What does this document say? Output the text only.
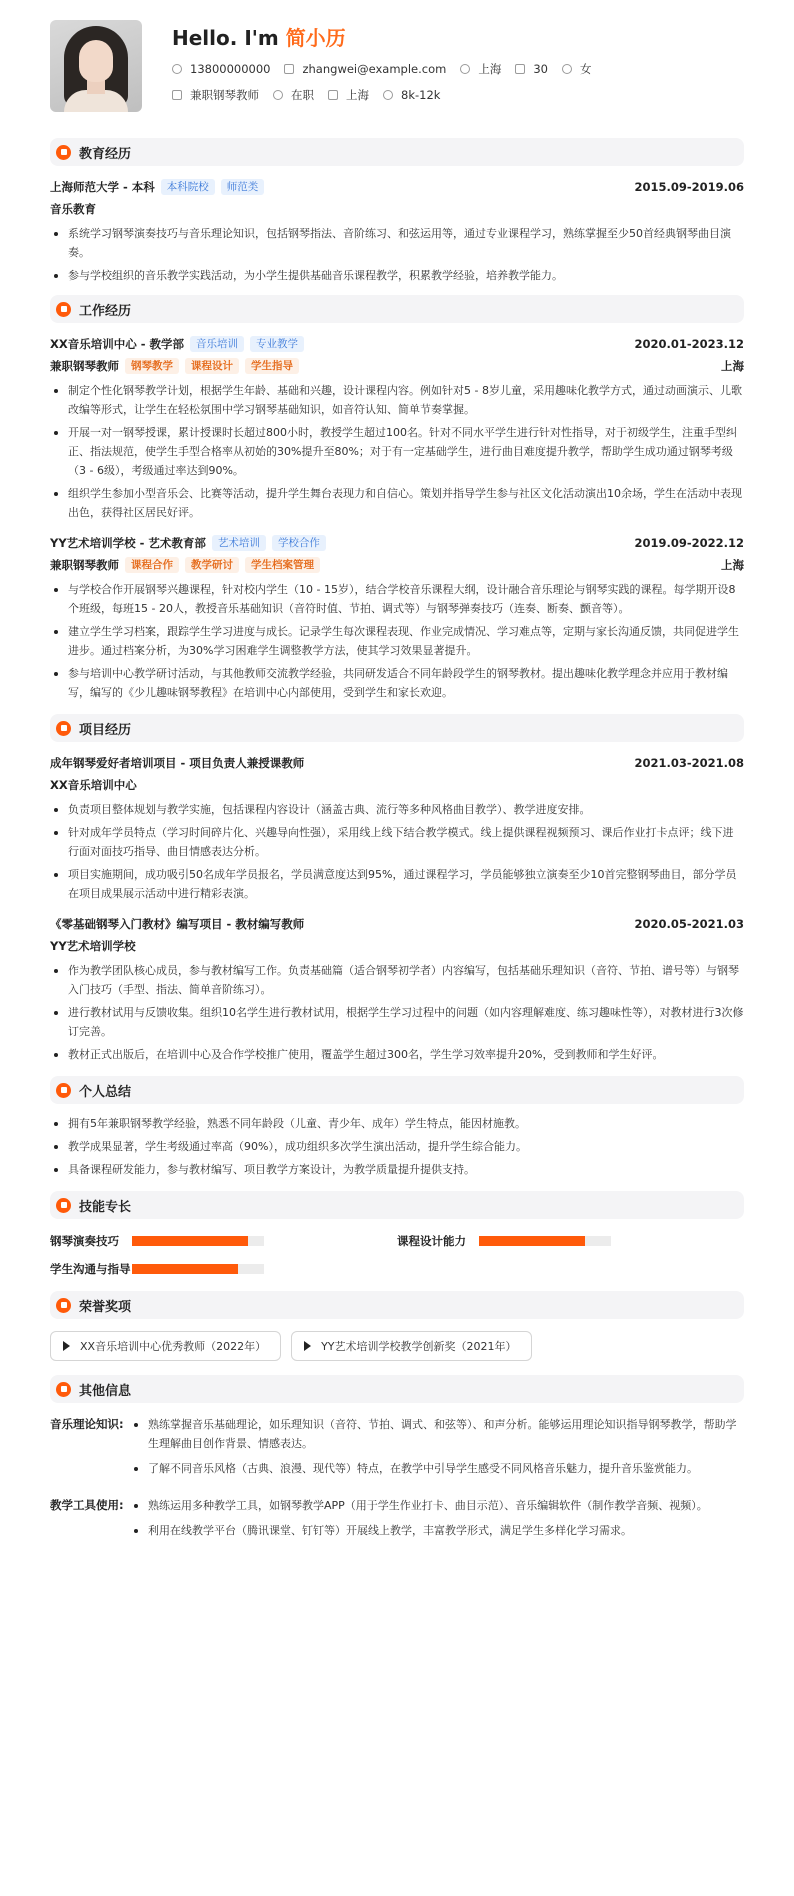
Hello. I'm 简小历
13800000000	zhangwei@example.com	上海	30	女
兼职钢琴教师	在职	上海	8k-12k
教育经历
上海师范大学 - 本科	本科院校	师范类	2015.09-2019.06
音乐教育
系统学习钢琴演奏技巧与音乐理论知识，包括钢琴指法、音阶练习、和弦运用等，通过专业课程学习，熟练掌握至少50首经典钢琴曲目演奏。
参与学校组织的音乐教学实践活动，为小学生提供基础音乐课程教学，积累教学经验，培养教学能力。
工作经历
XX音乐培训中心 - 教学部	音乐培训	专业教学	2020.01-2023.12
兼职钢琴教师	钢琴教学	课程设计	学生指导	上海
制定个性化钢琴教学计划，根据学生年龄、基础和兴趣，设计课程内容。例如针对5 - 8岁儿童，采用趣味化教学方式，通过动画演示、儿歌改编等形式，让学生在轻松氛围中学习钢琴基础知识，如音符认知、简单节奏掌握。
开展一对一钢琴授课，累计授课时长超过800小时，教授学生超过100名。针对不同水平学生进行针对性指导，对于初级学生，注重手型纠正、指法规范，使学生手型合格率从初始的30%提升至80%；对于有一定基础学生，进行曲目难度提升教学，帮助学生成功通过钢琴考级（3 - 6级），考级通过率达到90%。
组织学生参加小型音乐会、比赛等活动，提升学生舞台表现力和自信心。策划并指导学生参与社区文化活动演出10余场，学生在活动中表现出色，获得社区居民好评。
YY艺术培训学校 - 艺术教育部	艺术培训	学校合作	2019.09-2022.12
兼职钢琴教师	课程合作	教学研讨	学生档案管理	上海
与学校合作开展钢琴兴趣课程，针对校内学生（10 - 15岁），结合学校音乐课程大纲，设计融合音乐理论与钢琴实践的课程。每学期开设8个班级，每班15 - 20人，教授音乐基础知识（音符时值、节拍、调式等）与钢琴弹奏技巧（连奏、断奏、颤音等）。
建立学生学习档案，跟踪学生学习进度与成长。记录学生每次课程表现、作业完成情况、学习难点等，定期与家长沟通反馈，共同促进学生进步。通过档案分析，为30%学习困难学生调整教学方法，使其学习效果显著提升。
参与培训中心教学研讨活动，与其他教师交流教学经验，共同研发适合不同年龄段学生的钢琴教材。提出趣味化教学理念并应用于教材编写，编写的《少儿趣味钢琴教程》在培训中心内部使用，受到学生和家长欢迎。
项目经历
成年钢琴爱好者培训项目 - 项目负责人兼授课教师	2021.03-2021.08
XX音乐培训中心
负责项目整体规划与教学实施，包括课程内容设计（涵盖古典、流行等多种风格曲目教学）、教学进度安排。
针对成年学员特点（学习时间碎片化、兴趣导向性强），采用线上线下结合教学模式。线上提供课程视频预习、课后作业打卡点评；线下进行面对面技巧指导、曲目情感表达分析。
项目实施期间，成功吸引50名成年学员报名，学员满意度达到95%，通过课程学习，学员能够独立演奏至少10首完整钢琴曲目，部分学员在项目成果展示活动中进行精彩表演。
《零基础钢琴入门教材》编写项目 - 教材编写教师	2020.05-2021.03
YY艺术培训学校
作为教学团队核心成员，参与教材编写工作。负责基础篇（适合钢琴初学者）内容编写，包括基础乐理知识（音符、节拍、谱号等）与钢琴入门技巧（手型、指法、简单音阶练习）。
进行教材试用与反馈收集。组织10名学生进行教材试用，根据学生学习过程中的问题（如内容理解难度、练习趣味性等），对教材进行3次修订完善。
教材正式出版后，在培训中心及合作学校推广使用，覆盖学生超过300名，学生学习效率提升20%，受到教师和学生好评。
个人总结
拥有5年兼职钢琴教学经验，熟悉不同年龄段（儿童、青少年、成年）学生特点，能因材施教。
教学成果显著，学生考级通过率高（90%），成功组织多次学生演出活动，提升学生综合能力。
具备课程研发能力，参与教材编写、项目教学方案设计，为教学质量提升提供支持。
技能专长
钢琴演奏技巧	课程设计能力
学生沟通与指导
荣誉奖项
XX音乐培训中心优秀教师（2022年）	YY艺术培训学校教学创新奖（2021年）
其他信息
音乐理论知识:	熟练掌握音乐基础理论，如乐理知识（音符、节拍、调式、和弦等）、和声分析。能够运用理论知识指导钢琴教学，帮助学生理解曲目创作背景、情感表达。
了解不同音乐风格（古典、浪漫、现代等）特点，在教学中引导学生感受不同风格音乐魅力，提升音乐鉴赏能力。
教学工具使用:	熟练运用多种教学工具，如钢琴教学APP（用于学生作业打卡、曲目示范）、音乐编辑软件（制作教学音频、视频）。
利用在线教学平台（腾讯课堂、钉钉等）开展线上教学，丰富教学形式，满足学生多样化学习需求。
